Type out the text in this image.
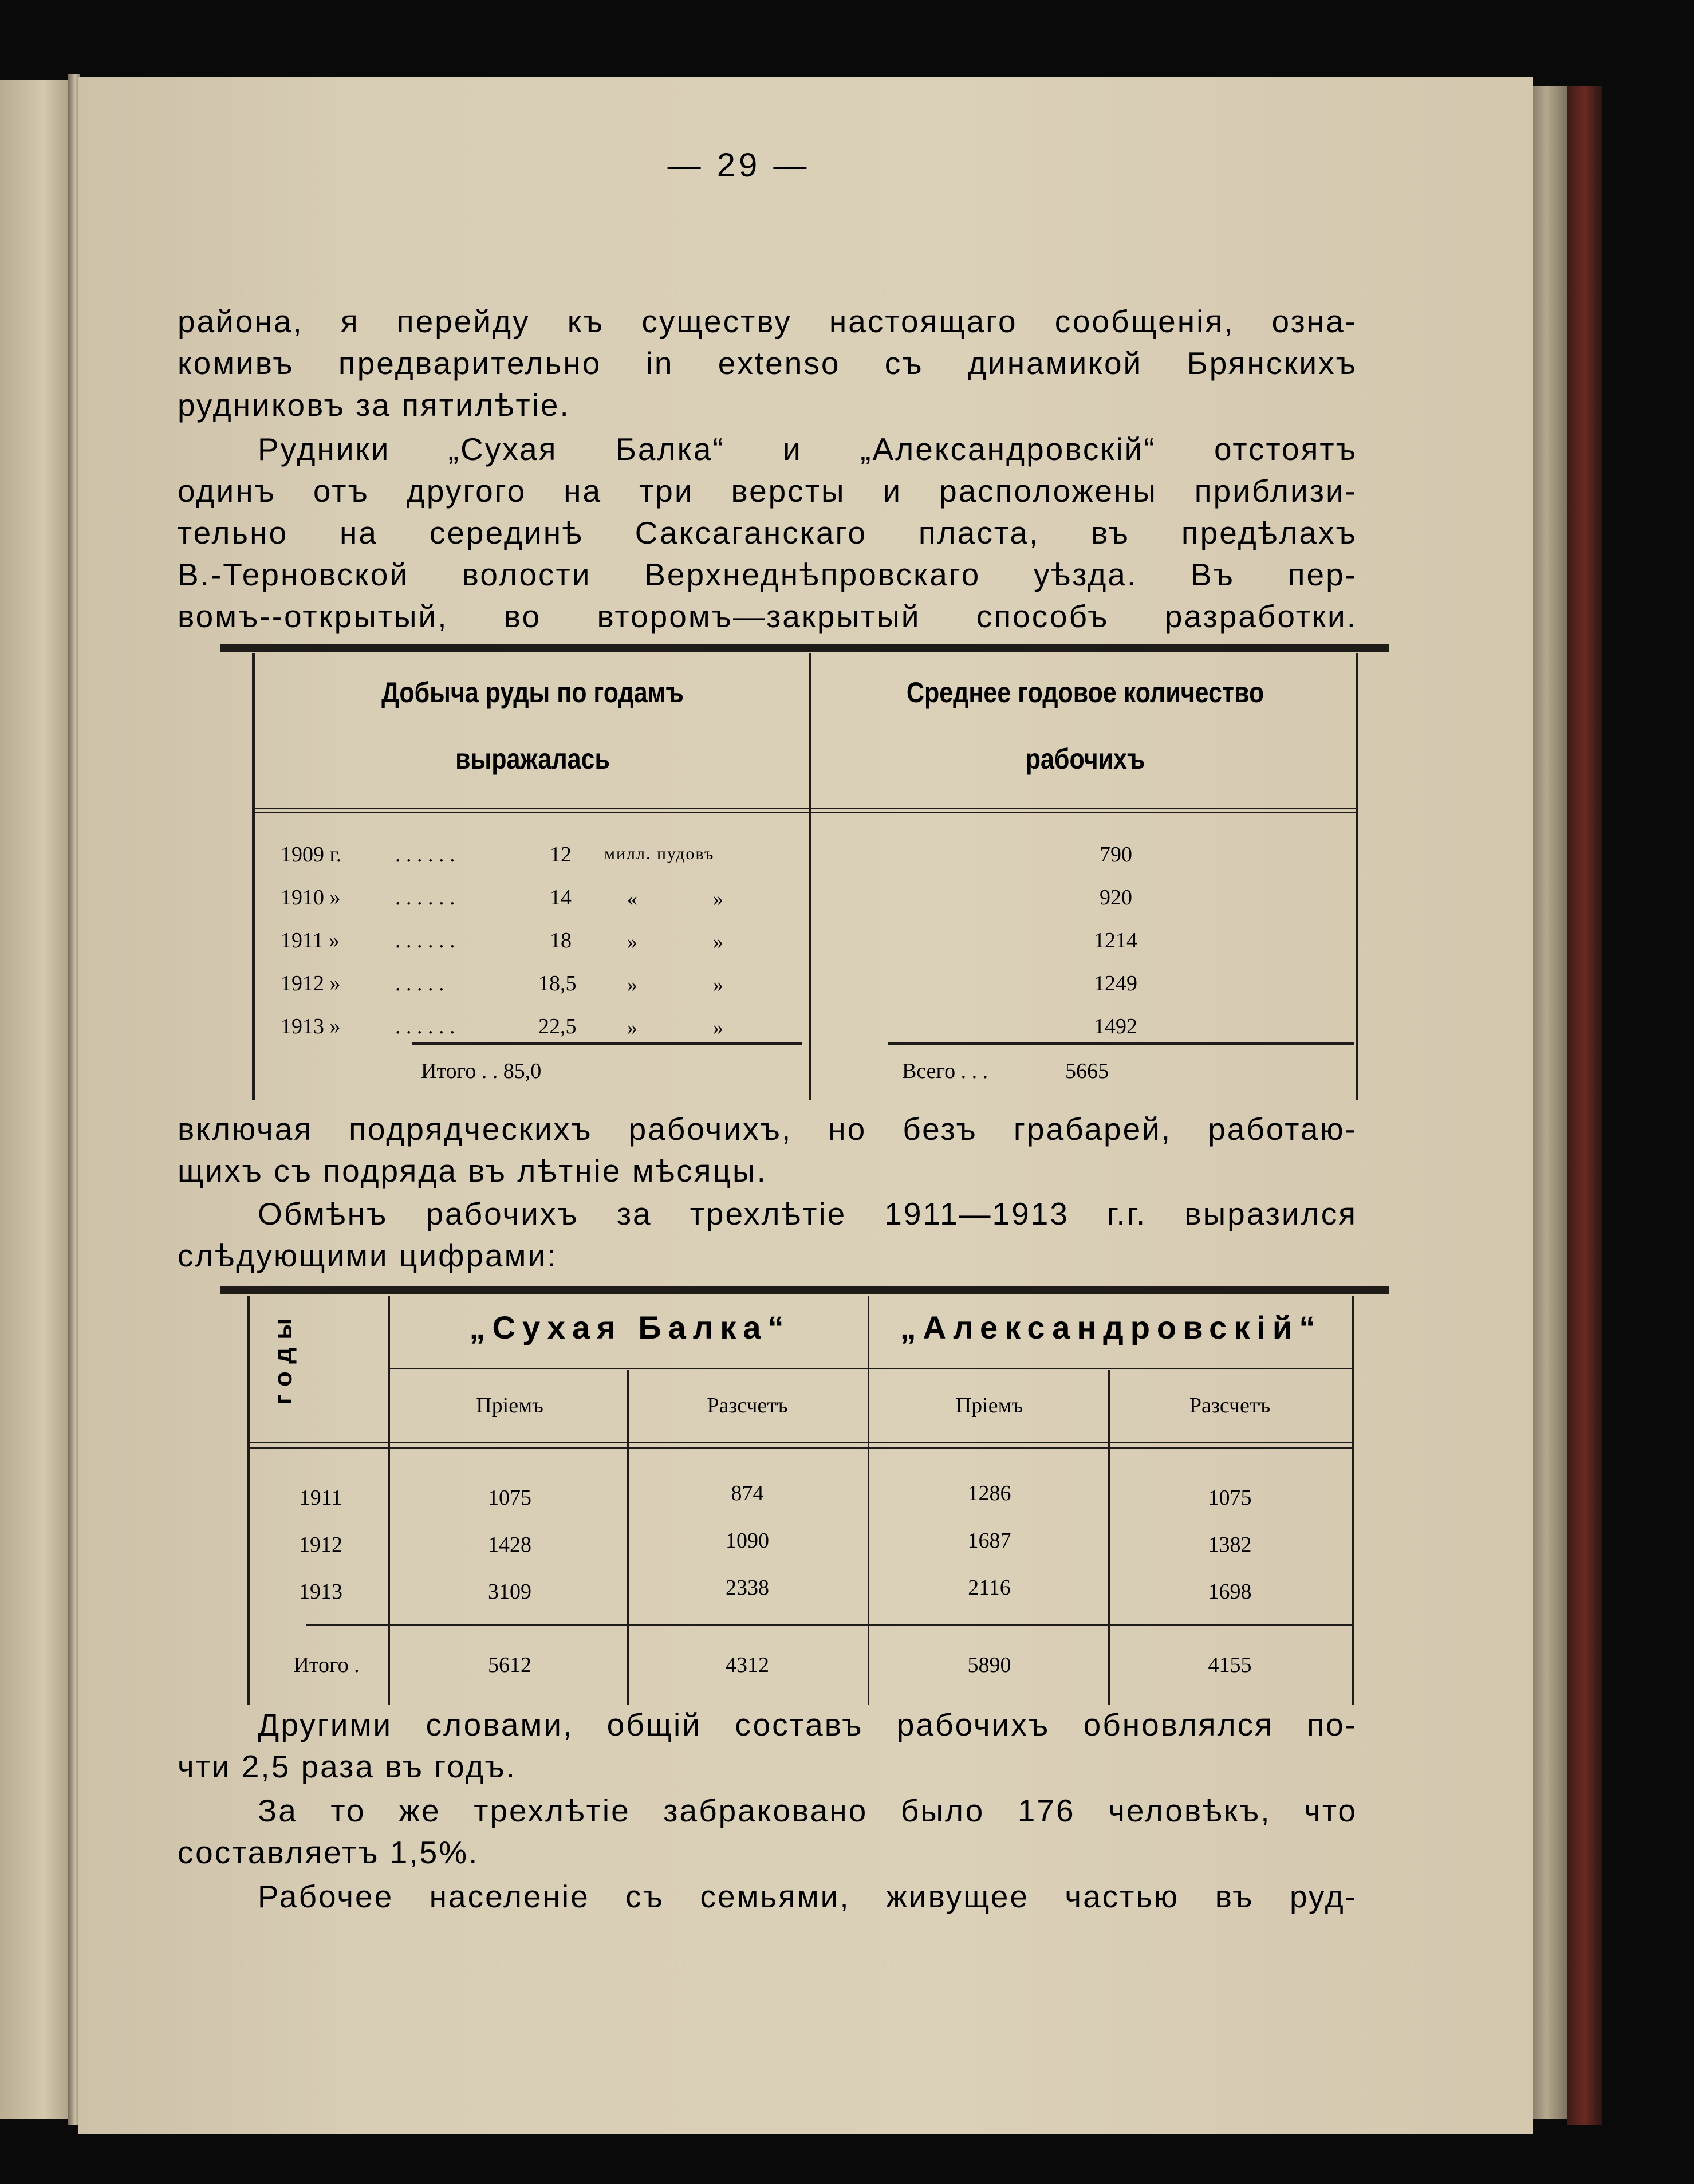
— 29 —
района, я перейду къ существу настоящаго сообщенія, озна-
комивъ предварительно in extenso съ динамикой Брянскихъ
рудниковъ за пятилѣтіе.
Рудники „Сухая Балка“ и „Александровскій“ отстоятъ
одинъ отъ другого на три версты и расположены приблизи-
тельно на серединѣ Саксаганскаго пласта, въ предѣлахъ
В.-Терновской волости Верхнеднѣпровскаго уѣзда. Въ пер-
вомъ--открытый, во второмъ—закрытый способъ разработки.
Добыча руды по годамъ
выражалась
Среднее годовое количество
рабочихъ
1909 г. . . . . . .	12 милл. пудовъ	790
1910 »	. . . . . .	14	«	»	920
1911 »	. . . . . .	18	»	»	1214
1912 »	. . . . .	18,5 »	»	1249
1913 »	. . . . . .	22,5 »	»	1492
Итого . . 85,0	Всего . . .	5665
включая подрядческихъ рабочихъ, но безъ грабарей, работаю-
щихъ съ подряда въ лѣтніе мѣсяцы.
Обмѣнъ рабочихъ за трехлѣтіе 1911—1913 г.г. выразился
слѣдующими цифрами:
годы	„Сухая Балка“	„Александровскій“
Пріемъ	Разсчетъ	Пріемъ	Разсчетъ
1911	1075	874	1286	1075
1912	1428	1090	1687	1382
1913	3109	2338	2116	1698
Итого .	5612	4312	5890	4155
Другими словами, общій составъ рабочихъ обновлялся по-
чти 2,5 раза въ годъ.
За то же трехлѣтіе забраковано было 176 человѣкъ, что
составляетъ 1,5%.
Рабочее населеніе съ семьями, живущее частью въ руд-
